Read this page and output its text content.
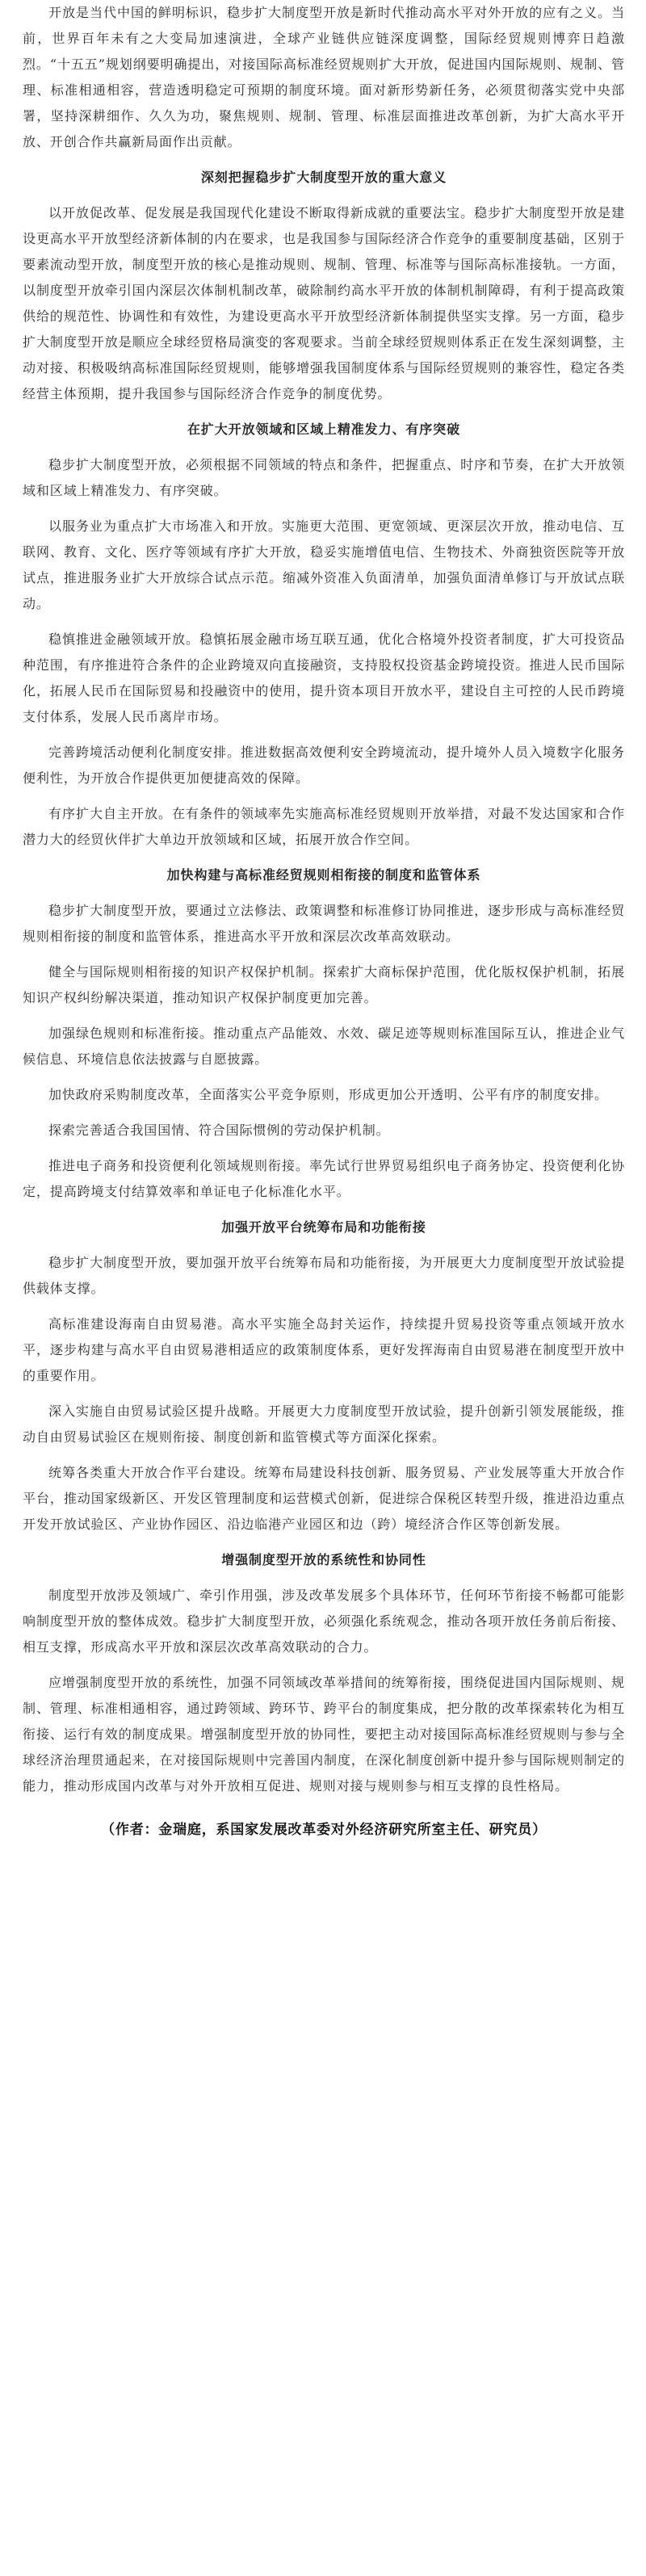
开放是当代中国的鲜明标识，稳步扩大制度型开放是新时代推动高水平对外开放的应有之义。当前，世界百年未有之大变局加速演进，全球产业链供应链深度调整，国际经贸规则博弈日趋激烈。“十五五”规划纲要明确提出，对接国际高标准经贸规则扩大开放，促进国内国际规则、规制、管理、标准相通相容，营造透明稳定可预期的制度环境。面对新形势新任务，必须贯彻落实党中央部署，坚持深耕细作、久久为功，聚焦规则、规制、管理、标准层面推进改革创新，为扩大高水平开放、开创合作共赢新局面作出贡献。

深刻把握稳步扩大制度型开放的重大意义

以开放促改革、促发展是我国现代化建设不断取得新成就的重要法宝。稳步扩大制度型开放是建设更高水平开放型经济新体制的内在要求，也是我国参与国际经济合作竞争的重要制度基础，区别于要素流动型开放，制度型开放的核心是推动规则、规制、管理、标准等与国际高标准接轨。一方面，以制度型开放牵引国内深层次体制机制改革，破除制约高水平开放的体制机制障碍，有利于提高政策供给的规范性、协调性和有效性，为建设更高水平开放型经济新体制提供坚实支撑。另一方面，稳步扩大制度型开放是顺应全球经贸格局演变的客观要求。当前全球经贸规则体系正在发生深刻调整，主动对接、积极吸纳高标准国际经贸规则，能够增强我国制度体系与国际经贸规则的兼容性，稳定各类经营主体预期，提升我国参与国际经济合作竞争的制度优势。

在扩大开放领域和区域上精准发力、有序突破

稳步扩大制度型开放，必须根据不同领域的特点和条件，把握重点、时序和节奏，在扩大开放领域和区域上精准发力、有序突破。

以服务业为重点扩大市场准入和开放。实施更大范围、更宽领域、更深层次开放，推动电信、互联网、教育、文化、医疗等领域有序扩大开放，稳妥实施增值电信、生物技术、外商独资医院等开放试点，推进服务业扩大开放综合试点示范。缩减外资准入负面清单，加强负面清单修订与开放试点联动。

稳慎推进金融领域开放。稳慎拓展金融市场互联互通，优化合格境外投资者制度，扩大可投资品种范围，有序推进符合条件的企业跨境双向直接融资，支持股权投资基金跨境投资。推进人民币国际化，拓展人民币在国际贸易和投融资中的使用，提升资本项目开放水平，建设自主可控的人民币跨境支付体系，发展人民币离岸市场。

完善跨境活动便利化制度安排。推进数据高效便利安全跨境流动，提升境外人员入境数字化服务便利性，为开放合作提供更加便捷高效的保障。

有序扩大自主开放。在有条件的领域率先实施高标准经贸规则开放举措，对最不发达国家和合作潜力大的经贸伙伴扩大单边开放领域和区域，拓展开放合作空间。

加快构建与高标准经贸规则相衔接的制度和监管体系

稳步扩大制度型开放，要通过立法修法、政策调整和标准修订协同推进，逐步形成与高标准经贸规则相衔接的制度和监管体系，推进高水平开放和深层次改革高效联动。

健全与国际规则相衔接的知识产权保护机制。探索扩大商标保护范围，优化版权保护机制，拓展知识产权纠纷解决渠道，推动知识产权保护制度更加完善。

加强绿色规则和标准衔接。推动重点产品能效、水效、碳足迹等规则标准国际互认，推进企业气候信息、环境信息依法披露与自愿披露。

加快政府采购制度改革，全面落实公平竞争原则，形成更加公开透明、公平有序的制度安排。

探索完善适合我国国情、符合国际惯例的劳动保护机制。

推进电子商务和投资便利化领域规则衔接。率先试行世界贸易组织电子商务协定、投资便利化协定，提高跨境支付结算效率和单证电子化标准化水平。

加强开放平台统筹布局和功能衔接

稳步扩大制度型开放，要加强开放平台统筹布局和功能衔接，为开展更大力度制度型开放试验提供载体支撑。

高标准建设海南自由贸易港。高水平实施全岛封关运作，持续提升贸易投资等重点领域开放水平，逐步构建与高水平自由贸易港相适应的政策制度体系，更好发挥海南自由贸易港在制度型开放中的重要作用。

深入实施自由贸易试验区提升战略。开展更大力度制度型开放试验，提升创新引领发展能级，推动自由贸易试验区在规则衔接、制度创新和监管模式等方面深化探索。

统筹各类重大开放合作平台建设。统筹布局建设科技创新、服务贸易、产业发展等重大开放合作平台，推动国家级新区、开发区管理制度和运营模式创新，促进综合保税区转型升级，推进沿边重点开发开放试验区、产业协作园区、沿边临港产业园区和边（跨）境经济合作区等创新发展。

增强制度型开放的系统性和协同性

制度型开放涉及领域广、牵引作用强，涉及改革发展多个具体环节，任何环节衔接不畅都可能影响制度型开放的整体成效。稳步扩大制度型开放，必须强化系统观念，推动各项开放任务前后衔接、相互支撑，形成高水平开放和深层次改革高效联动的合力。

应增强制度型开放的系统性，加强不同领域改革举措间的统筹衔接，围绕促进国内国际规则、规制、管理、标准相通相容，通过跨领域、跨环节、跨平台的制度集成，把分散的改革探索转化为相互衔接、运行有效的制度成果。增强制度型开放的协同性，要把主动对接国际高标准经贸规则与参与全球经济治理贯通起来，在对接国际规则中完善国内制度，在深化制度创新中提升参与国际规则制定的能力，推动形成国内改革与对外开放相互促进、规则对接与规则参与相互支撑的良性格局。

（作者：金瑞庭，系国家发展改革委对外经济研究所室主任、研究员）
